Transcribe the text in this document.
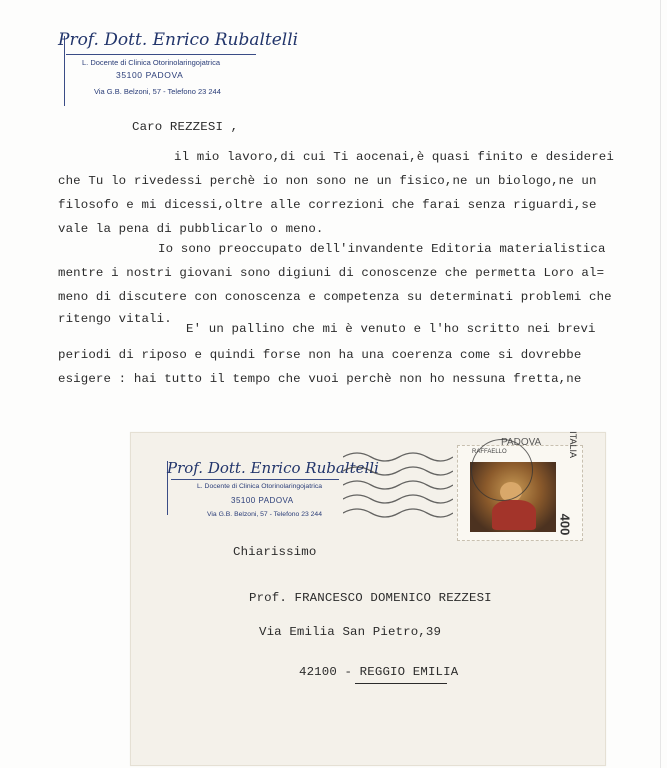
Prof. Dott. Enrico Rubaltelli
L. Docente di Clinica Otorinolaringojatrica
35100 PADOVA
Via G.B. Belzoni, 57 - Telefono 23 244
Caro REZZESI ,
il mio lavoro,di cui Ti aocenai,è quasi finito e desiderei
che Tu lo rivedessi perchè io non sono ne un fisico,ne un biologo,ne un
filosofo e mi dicessi,oltre alle correzioni che farai senza riguardi,se
vale la pena di pubblicarlo o meno.
Io sono preoccupato dell'invandente Editoria materialistica
mentre i nostri giovani sono digiuni di conoscenze che permetta Loro al=
meno di discutere con conoscenza e competenza su determinati problemi che
ritengo vitali.
E' un pallino che mi è venuto e l'ho scritto nei brevi
periodi di riposo e quindi forse non ha una coerenza come si dovrebbe
esigere : hai tutto il tempo che vuoi perchè non ho nessuna fretta,ne
Prof. Dott. Enrico Rubaltelli
L. Docente di Clinica Otorinolaringojatrica
35100 PADOVA
Via G.B. Belzoni, 57 - Telefono 23 244
RAFFAELLO	ITALIA
400
PADOVA
Chiarissimo
Prof. FRANCESCO DOMENICO REZZESI
Via Emilia San Pietro,39
42100 - REGGIO EMILIA
